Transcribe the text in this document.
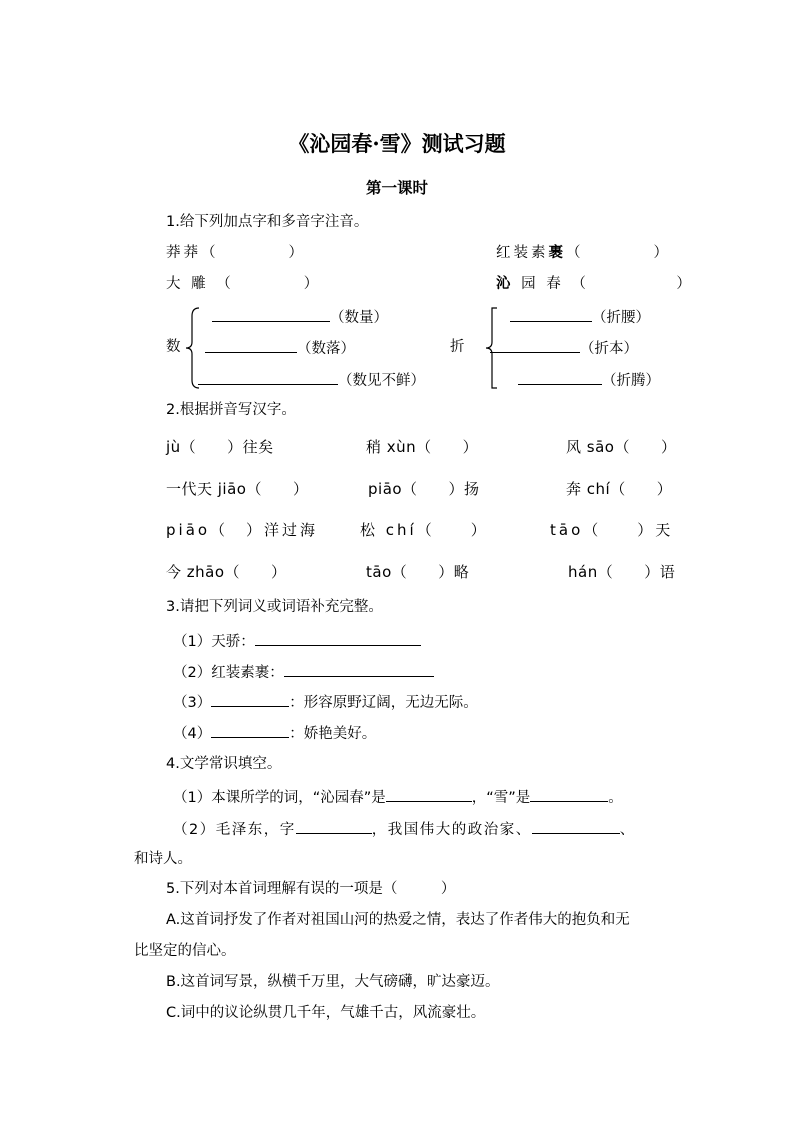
《沁园春·雪》测试习题
第一课时
1.给下列加点字和多音字注音。
莽莽（　　　　）	红装素裹（　　　　）
大 雕 （　　　　）	沁 园 春 （　　　　　）
数
（数量）
（数落）
（数见不鲜）
折
（折腰）
（折本）
（折腾）
2.根据拼音写汉字。
jù（　　）往矣	稍 xùn（　　）	风 sāo（　　）
一代天 jiāo（　　）	piāo（　　）扬	奔 chí（　　）
piāo（　）洋过海	松 chí（　　）	tāo（　　）天
今 zhāo（　　）	tāo（　　）略	hán（　　）语
3.请把下列词义或词语补充完整。
（1）天骄：
（2）红装素裹：
（3）	：形容原野辽阔，无边无际。
（4）	：娇艳美好。
4.文学常识填空。
（1）本课所学的词，“沁园春”是	，“雪”是	。
（2）毛泽东，字	，我国伟大的政治家、	、
和诗人。
5.下列对本首词理解有误的一项是（　　　）
A.这首词抒发了作者对祖国山河的热爱之情，表达了作者伟大的抱负和无
比坚定的信心。
B.这首词写景，纵横千万里，大气磅礴，旷达豪迈。
C.词中的议论纵贯几千年，气雄千古，风流豪壮。
